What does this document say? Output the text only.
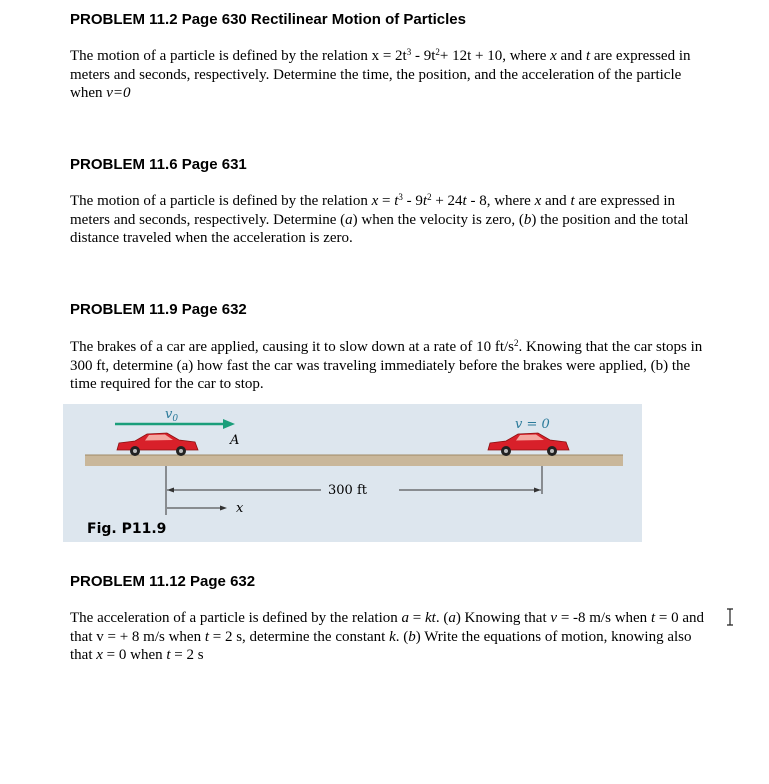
PROBLEM 11.2 Page 630 Rectilinear Motion of Particles

The motion of a particle is defined by the relation $x = 2t^3 - 9t^2+ 12t + 10$, where x and t are expressed in meters and seconds, respectively. Determine the time, the position, and the acceleration of the particle when v=0

PROBLEM 11.6 Page 631

The motion of a particle is defined by the relation $x = t^3 - 9t^2 + 24t - 8$, where x and t are expressed in meters and seconds, respectively. Determine (a) when the velocity is zero, (b) the position and the total distance traveled when the acceleration is zero.

PROBLEM 11.9 Page 632

The brakes of a car are applied, causing it to slow down at a rate of 10 $ft/s^2$. Knowing that the car stops in 300 ft, determine (a) how fast the car was traveling immediately before the brakes were applied, (b) the time required for the car to stop.

$v_0$
A
v = 0
300 ft
x
Fig. P11.9
PROBLEM 11.12 Page 632

The acceleration of a particle is defined by the relation a = kt. (a) Knowing that v = -8 m/s when t = 0 and that v = + 8 m/s when t = 2 s, determine the constant k. (b) Write the equations of motion, knowing also that x = 0 when t = 2 s
